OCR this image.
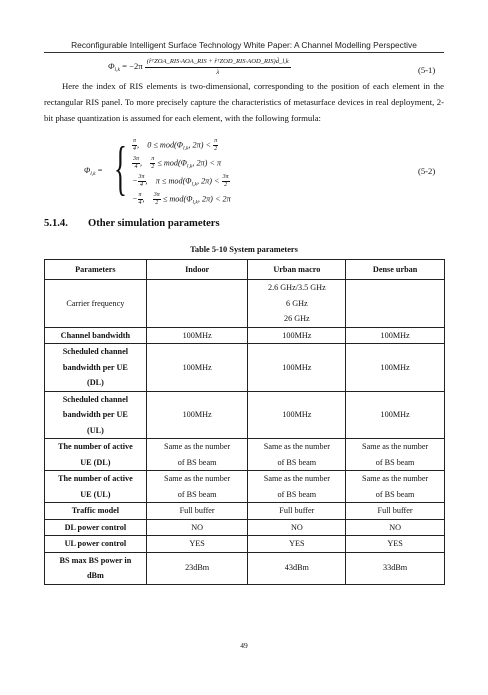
Reconfigurable Intelligent Surface Technology White Paper: A Channel Modelling Perspective
$\Phi_{l,k} = -2\pi \frac{\text{(r̂ᵀZOA\_RIS·AOA\_RIS + r̂ᵀZOD\_RIS·AOD\_RIS)d̄\_l,k}}{\lambda}$	(5-1)
Here the index of RIS elements is two-dimensional, corresponding to the position of each element in the rectangular RIS panel. To more precisely capture the characteristics of metasurface devices in real deployment, 2-bit phase quantization is assumed for each element, with the following formula:
$\Phi_{l,k}$ = { $\frac{\pi}{4}$,    $0 \le mod(\Phi_{l,k}$, $2\pi) < \frac{\pi}{2}$
$\frac{3\pi}{4}$, $\frac{\pi}{2} \le mod(\Phi_{l,k}$, 2π) < π
− $\frac{3\pi}{4}$,    $\pi \le mod(\Phi_{l,k}$, $2\pi) < \frac{3\pi}{2}$
− $\frac{\pi}{4}$, $\frac{3\pi}{2} \le mod(\Phi_{l,k}$, 2π) < 2π
(5-2)
5.1.4. Other simulation parameters
Table 5-10 System parameters
Parameters	Indoor	Urban macro	Dense urban

Carrier frequency		2.6 GHz/3.5 GHz
6 GHz
26 GHz	

Channel bandwidth	100MHz	100MHz	100MHz

Scheduled channel
bandwidth per UE
(DL)	100MHz	100MHz	100MHz

Scheduled channel
bandwidth per UE
(UL)	100MHz	100MHz	100MHz

The number of active
UE (DL)	Same as the number
of BS beam	Same as the number
of BS beam	Same as the number
of BS beam

The number of active
UE (UL)	Same as the number
of BS beam	Same as the number
of BS beam	Same as the number
of BS beam

Traffic model	Full buffer	Full buffer	Full buffer

DL power control	NO	NO	NO

UL power control	YES	YES	YES

BS max BS power in
dBm	23dBm	43dBm	33dBm
49
